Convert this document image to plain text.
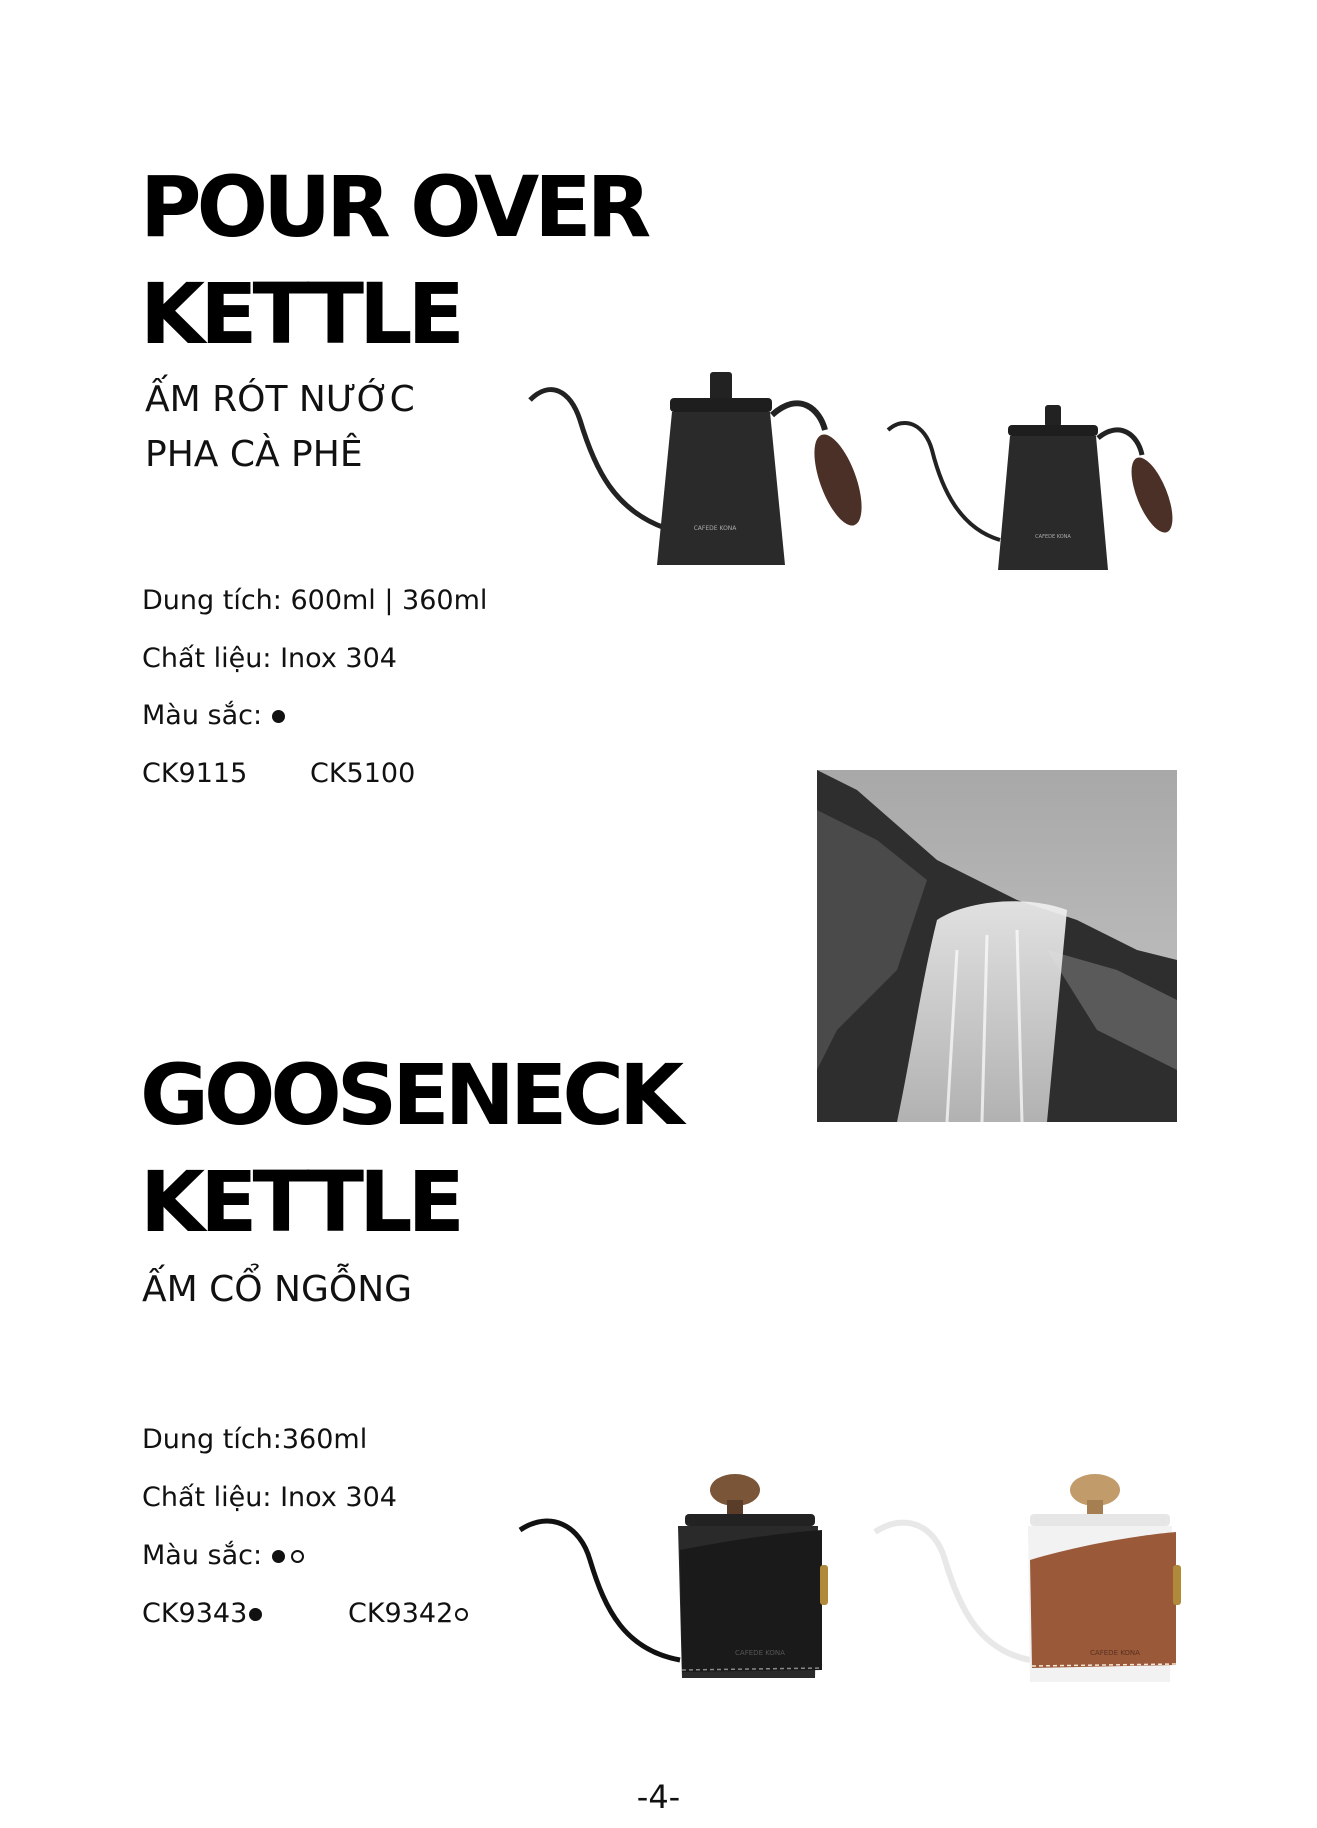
POUR OVER
KETTLE
ẤM RÓT NƯỚC
PHA CÀ PHÊ
Dung tích: 600ml | 360ml
Chất liệu: Inox 304
Màu sắc:
CK9115 CK5100
CAFEDE KONA
CAFEDE KONA
GOOSENECK
KETTLE
ẤM CỔ NGỖNG
Dung tích:360ml
Chất liệu: Inox 304
Màu sắc:
CK9343	CK9342
CAFEDE KONA	CAFEDE KONA
-4-
